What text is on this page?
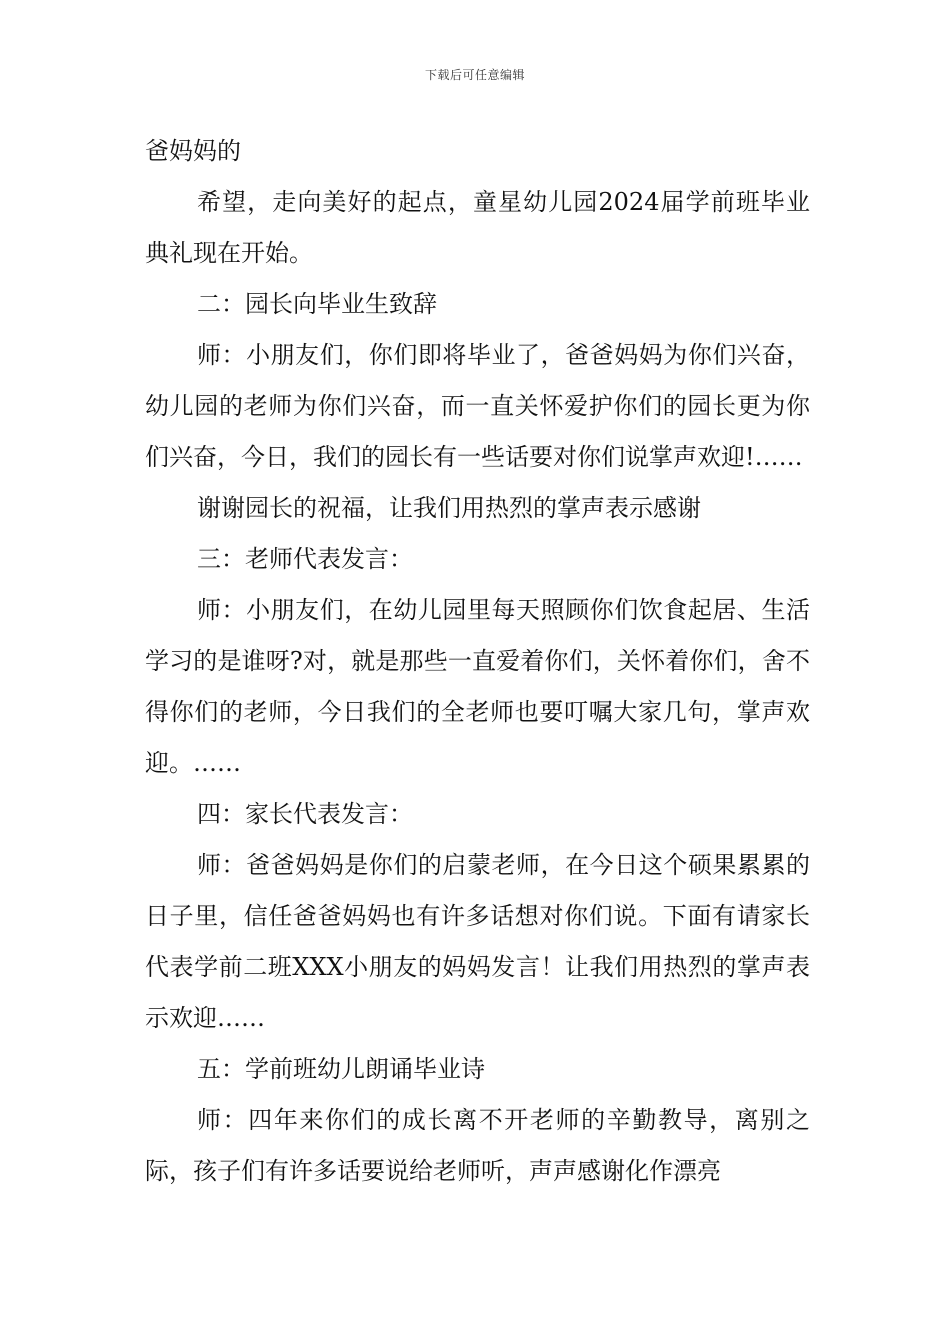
下载后可任意编辑

爸妈妈的

希望，走向美好的起点，童星幼儿园2024届学前班毕业典礼现在开始。

二：园长向毕业生致辞

师：小朋友们，你们即将毕业了，爸爸妈妈为你们兴奋，幼儿园的老师为你们兴奋，而一直关怀爱护你们的园长更为你们兴奋，今日，我们的园长有一些话要对你们说掌声欢迎!……

谢谢园长的祝福，让我们用热烈的掌声表示感谢

三：老师代表发言：

师：小朋友们，在幼儿园里每天照顾你们饮食起居、生活学习的是谁呀?对，就是那些一直爱着你们，关怀着你们，舍不得你们的老师，今日我们的全老师也要叮嘱大家几句，掌声欢迎。……

四：家长代表发言：

师：爸爸妈妈是你们的启蒙老师，在今日这个硕果累累的日子里，信任爸爸妈妈也有许多话想对你们说。下面有请家长代表学前二班XXX小朋友的妈妈发言！让我们用热烈的掌声表示欢迎……

五：学前班幼儿朗诵毕业诗

师：四年来你们的成长离不开老师的辛勤教导，离别之际，孩子们有许多话要说给老师听，声声感谢化作漂亮
